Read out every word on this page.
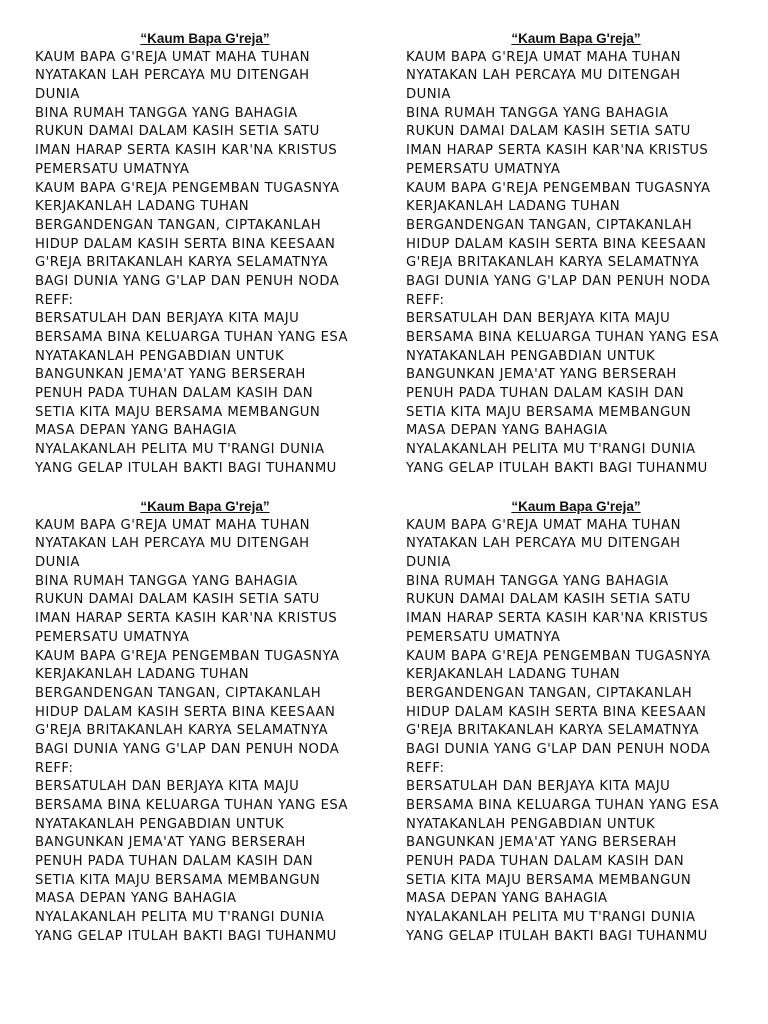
“Kaum Bapa G'reja”
KAUM BAPA G'REJA UMAT MAHA TUHAN
NYATAKAN LAH PERCAYA MU DITENGAH
DUNIA
BINA RUMAH TANGGA YANG BAHAGIA
RUKUN DAMAI DALAM KASIH SETIA SATU
IMAN HARAP SERTA KASIH KAR'NA KRISTUS
PEMERSATU UMATNYA
KAUM BAPA G'REJA PENGEMBAN TUGASNYA
KERJAKANLAH LADANG TUHAN
BERGANDENGAN TANGAN, CIPTAKANLAH
HIDUP DALAM KASIH SERTA BINA KEESAAN
G'REJA BRITAKANLAH KARYA SELAMATNYA
BAGI DUNIA YANG G'LAP DAN PENUH NODA
REFF:
BERSATULAH DAN BERJAYA KITA MAJU
BERSAMA BINA KELUARGA TUHAN YANG ESA
NYATAKANLAH PENGABDIAN UNTUK
BANGUNKAN JEMA'AT YANG BERSERAH
PENUH PADA TUHAN DALAM KASIH DAN
SETIA KITA MAJU BERSAMA MEMBANGUN
MASA DEPAN YANG BAHAGIA
NYALAKANLAH PELITA MU T'RANGI DUNIA
YANG GELAP ITULAH BAKTI BAGI TUHANMU
“Kaum Bapa G'reja”
KAUM BAPA G'REJA UMAT MAHA TUHAN
NYATAKAN LAH PERCAYA MU DITENGAH
DUNIA
BINA RUMAH TANGGA YANG BAHAGIA
RUKUN DAMAI DALAM KASIH SETIA SATU
IMAN HARAP SERTA KASIH KAR'NA KRISTUS
PEMERSATU UMATNYA
KAUM BAPA G'REJA PENGEMBAN TUGASNYA
KERJAKANLAH LADANG TUHAN
BERGANDENGAN TANGAN, CIPTAKANLAH
HIDUP DALAM KASIH SERTA BINA KEESAAN
G'REJA BRITAKANLAH KARYA SELAMATNYA
BAGI DUNIA YANG G'LAP DAN PENUH NODA
REFF:
BERSATULAH DAN BERJAYA KITA MAJU
BERSAMA BINA KELUARGA TUHAN YANG ESA
NYATAKANLAH PENGABDIAN UNTUK
BANGUNKAN JEMA'AT YANG BERSERAH
PENUH PADA TUHAN DALAM KASIH DAN
SETIA KITA MAJU BERSAMA MEMBANGUN
MASA DEPAN YANG BAHAGIA
NYALAKANLAH PELITA MU T'RANGI DUNIA
YANG GELAP ITULAH BAKTI BAGI TUHANMU
“Kaum Bapa G'reja”
KAUM BAPA G'REJA UMAT MAHA TUHAN
NYATAKAN LAH PERCAYA MU DITENGAH
DUNIA
BINA RUMAH TANGGA YANG BAHAGIA
RUKUN DAMAI DALAM KASIH SETIA SATU
IMAN HARAP SERTA KASIH KAR'NA KRISTUS
PEMERSATU UMATNYA
KAUM BAPA G'REJA PENGEMBAN TUGASNYA
KERJAKANLAH LADANG TUHAN
BERGANDENGAN TANGAN, CIPTAKANLAH
HIDUP DALAM KASIH SERTA BINA KEESAAN
G'REJA BRITAKANLAH KARYA SELAMATNYA
BAGI DUNIA YANG G'LAP DAN PENUH NODA
REFF:
BERSATULAH DAN BERJAYA KITA MAJU
BERSAMA BINA KELUARGA TUHAN YANG ESA
NYATAKANLAH PENGABDIAN UNTUK
BANGUNKAN JEMA'AT YANG BERSERAH
PENUH PADA TUHAN DALAM KASIH DAN
SETIA KITA MAJU BERSAMA MEMBANGUN
MASA DEPAN YANG BAHAGIA
NYALAKANLAH PELITA MU T'RANGI DUNIA
YANG GELAP ITULAH BAKTI BAGI TUHANMU
“Kaum Bapa G'reja”
KAUM BAPA G'REJA UMAT MAHA TUHAN
NYATAKAN LAH PERCAYA MU DITENGAH
DUNIA
BINA RUMAH TANGGA YANG BAHAGIA
RUKUN DAMAI DALAM KASIH SETIA SATU
IMAN HARAP SERTA KASIH KAR'NA KRISTUS
PEMERSATU UMATNYA
KAUM BAPA G'REJA PENGEMBAN TUGASNYA
KERJAKANLAH LADANG TUHAN
BERGANDENGAN TANGAN, CIPTAKANLAH
HIDUP DALAM KASIH SERTA BINA KEESAAN
G'REJA BRITAKANLAH KARYA SELAMATNYA
BAGI DUNIA YANG G'LAP DAN PENUH NODA
REFF:
BERSATULAH DAN BERJAYA KITA MAJU
BERSAMA BINA KELUARGA TUHAN YANG ESA
NYATAKANLAH PENGABDIAN UNTUK
BANGUNKAN JEMA'AT YANG BERSERAH
PENUH PADA TUHAN DALAM KASIH DAN
SETIA KITA MAJU BERSAMA MEMBANGUN
MASA DEPAN YANG BAHAGIA
NYALAKANLAH PELITA MU T'RANGI DUNIA
YANG GELAP ITULAH BAKTI BAGI TUHANMU
